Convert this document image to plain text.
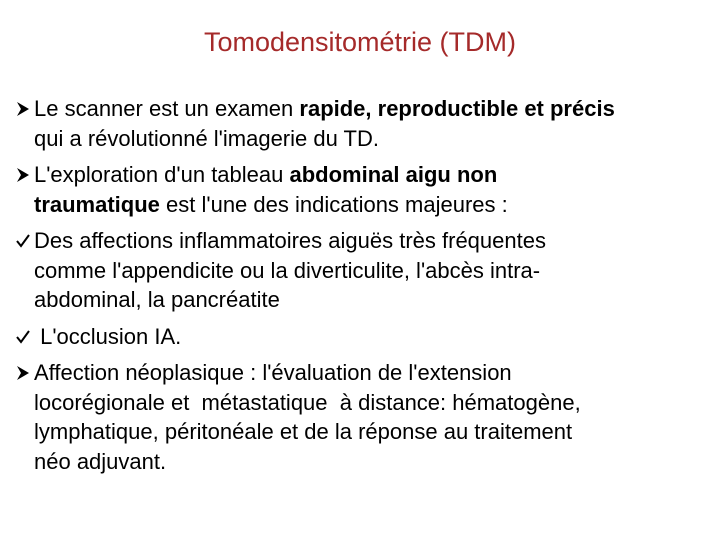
Tomodensitométrie (TDM)
Le scanner est un examen rapide, reproductible et précis
qui a révolutionné l'imagerie du TD.
L'exploration d'un tableau abdominal aigu non
traumatique est l'une des indications majeures :
Des affections inflammatoires aiguës très fréquentes
comme l'appendicite ou la diverticulite, l'abcès intra-
abdominal, la pancréatite
L'occlusion IA.
Affection néoplasique : l'évaluation de l'extension
locorégionale et  métastatique  à distance: hématogène,
lymphatique, péritonéale et de la réponse au traitement
néo adjuvant.
